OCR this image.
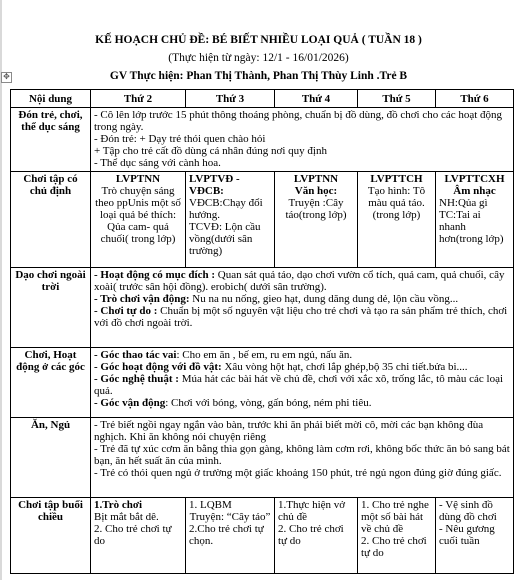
✥
KẾ HOẠCH CHỦ ĐỀ: BÉ BIẾT NHIỀU LOẠI QUẢ ( TUẦN 18 )
(Thực hiện từ ngày: 12/1 - 16/01/2026)
GV Thực hiện: Phan Thị Thành, Phan Thị Thùy Linh .Trẻ B
Nội dung	Thứ 2	Thứ 3	Thứ 4	Thứ 5	Thứ 6
Đón trẻ, chơi, thể dục sáng	- Cô lên lớp trước 15 phút thông thoáng phòng, chuẩn bị đồ dùng, đồ chơi cho các hoạt động trong ngày.
- Đón trẻ: + Dạy trẻ thói quen chào hỏi
+ Tập cho trẻ cất đồ dùng cá nhân đúng nơi quy định
- Thể dục sáng với cành hoa.				

Chơi tập có chủ định	LVPTNN
Trò chuyện sáng theo ppUnis một số loại quả bé thích: Qủa cam- quả chuối( trong lớp)	LVPTVĐ -VĐCB:
VĐCB:Chạy đổi hướng.
TCVĐ: Lộn cầu vồng(dưới sân trường)	LVPTNN
Văn học:
Truyện :Cây táo(trong lớp)	LVPTTCH
Tạo hình: Tô màu quả táo.(trong lớp)	LVPTTCXH
Âm nhạc
NH:Qủa gì
TC:Tai ai nhanh hơn(trong lớp)

Dạo chơi ngoài trời	- Hoạt động có mục đích : Quan sát quả táo, dạo chơi vườn cổ tích, quả cam, quả chuối, cây xoài( trước sân hội đồng). erobich( dưới sân trường).
- Trò chơi vận động: Nu na nu nống, gieo hạt, dung dăng dung dẻ, lộn cầu vồng...
- Chơi tự do : Chuẩn bị một số nguyên vật liệu cho trẻ chơi và tạo ra sản phẩm trẻ thích, chơi với đồ chơi ngoài trời.				

Chơi, Hoạt động ở các góc	- Góc thao tác vai: Cho em ăn , bế em, ru em ngủ, nấu ăn.
- Góc hoạt động với đồ vật: Xâu vòng hột hạt, chơi lắp ghép,bộ 35 chi tiết.bửa bi....
- Góc nghệ thuật : Múa hát các bài hát về chủ đề, chơi với xắc xô, trống lắc, tô màu các loại quả.
- Góc vận động: Chơi với bóng, vòng, gấn bóng, ném phi tiêu.				

Ăn, Ngủ	- Trẻ biết ngồi ngay ngắn vào bàn, trước khi ăn phải biết mời cô, mời các bạn không đùa nghịch. Khi ăn không nói chuyện riêng
- Trẻ đã tự xúc cơm ăn bằng thìa gọn gàng, không làm cơm rơi, không bốc thức ăn bỏ sang bát bạn, ăn hết suất ăn của mình.
- Trẻ có thói quen ngủ ở trường một giấc khoảng 150 phút, trẻ ngủ ngon đúng giờ đúng giấc.				

Chơi tập buổi chiều	1.Trò chơi
Bịt mắt bắt dê.
2. Cho trẻ chơi tự do	1. LQBM
Truyện: “Cây táo”
2.Cho trẻ chơi tự chọn.	1.Thực hiện vở chủ đề
2. Cho trẻ chơi tự do	1. Cho trẻ nghe một số bài hát về chủ đề
2. Cho trẻ chơi tự do	- Vệ sinh đồ dùng đồ chơi
- Nêu gương cuối tuần
